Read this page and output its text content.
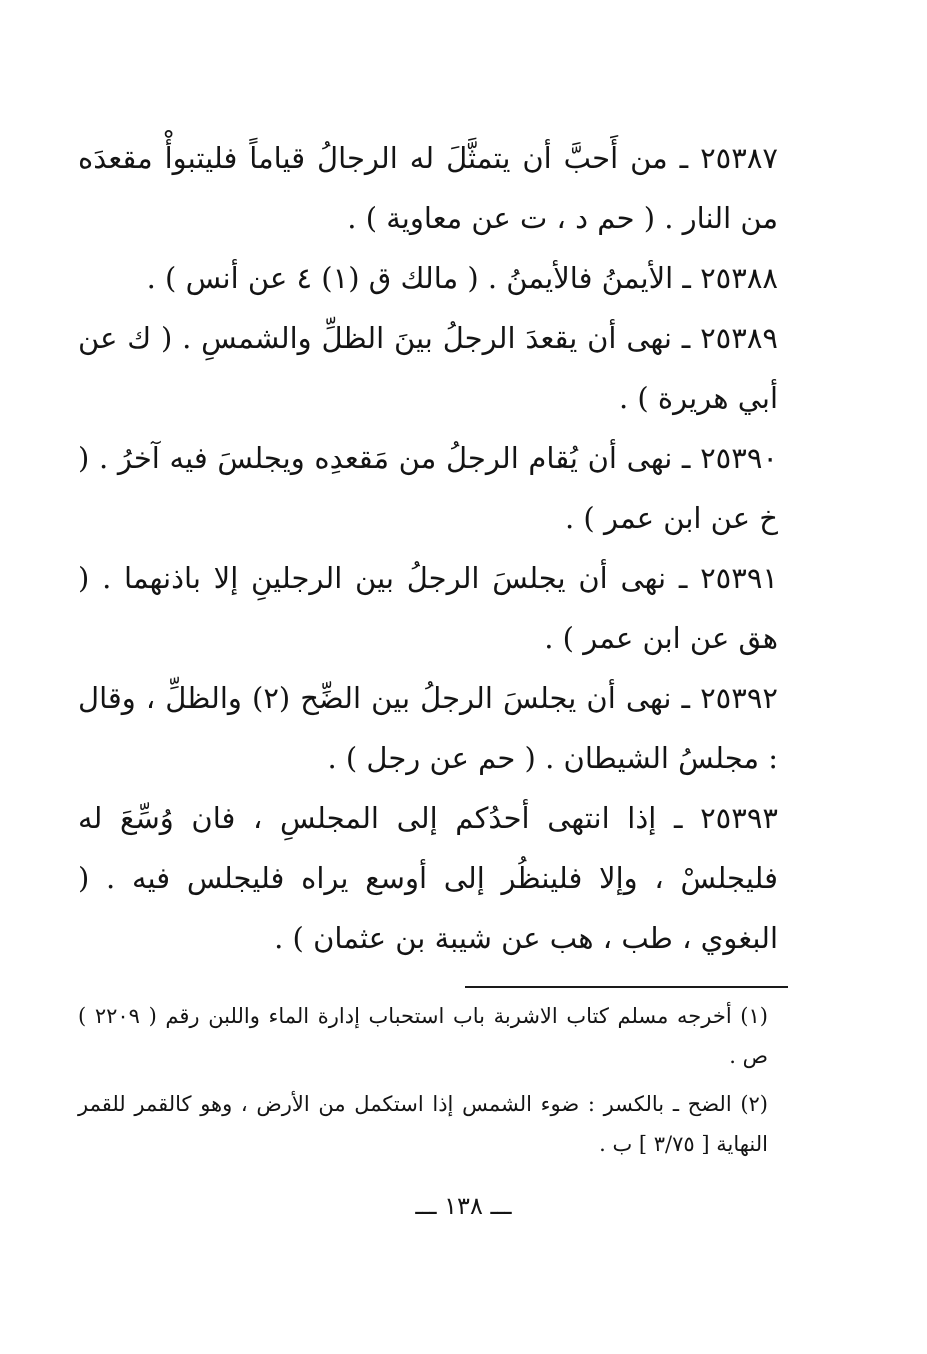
٢٥٣٨٧ ـ من أَحبَّ أن يتمثَّلَ له الرجالُ قياماً فليتبوأْ مقعدَه من النار . ( حم د ، ت عن معاوية ) .

٢٥٣٨٨ ـ الأيمنُ فالأيمنُ . ( مالك ق (١) ٤ عن أنس ) .

٢٥٣٨٩ ـ نهى أن يقعدَ الرجلُ بينَ الظلِّ والشمسِ . ( ك عن أبي هريرة ) .

٢٥٣٩٠ ـ نهى أن يُقام الرجلُ من مَقعدِه ويجلسَ فيه آخرُ . ( خ عن ابن عمر ) .

٢٥٣٩١ ـ نهى أن يجلسَ الرجلُ بين الرجلينِ إلا باذنهما . ( هق عن ابن عمر ) .

٢٥٣٩٢ ـ نهى أن يجلسَ الرجلُ بين الضِّح (٢) والظلِّ ، وقال : مجلسُ الشيطان . ( حم عن رجل ) .

٢٥٣٩٣ ـ إذا انتهى أحدُكم إلى المجلسِ ، فان وُسِّعَ له فليجلسْ ، وإلا فلينظُر إلى أوسع يراه فليجلس فيه . ( البغوي ، طب ، هب عن شيبة بن عثمان ) .

(١) أخرجه مسلم كتاب الاشربة باب استحباب إدارة الماء واللبن رقم ( ٢٢٠٩ ) ص .

(٢) الضح ـ بالكسر : ضوء الشمس إذا استكمل من الأرض ، وهو كالقمر للقمر النهاية [ ٣/٧٥ ] ب .

ـــ ١٣٨ ـــ
